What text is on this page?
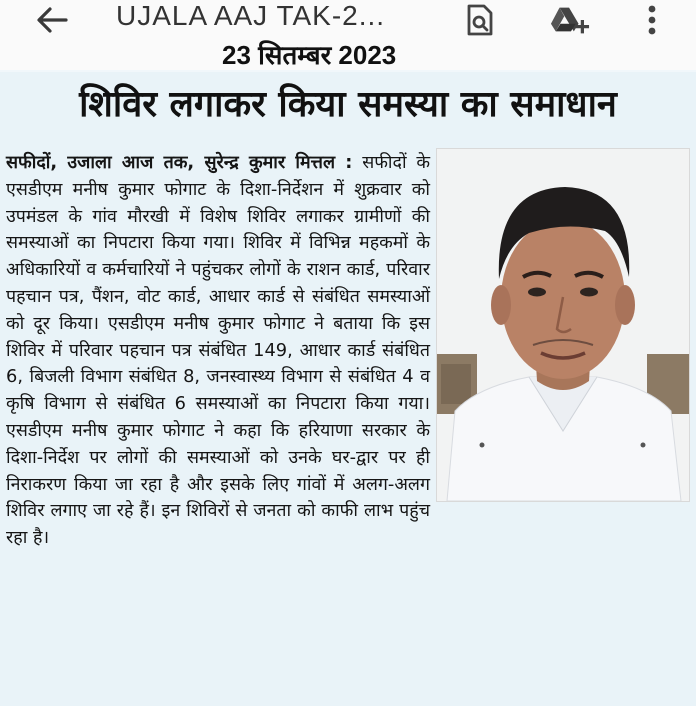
UJALA AAJ TAK-2...
23 सितम्बर 2023
शिविर लगाकर किया समस्या का समाधान

सफीदों, उजाला आज तक, सुरेन्द्र कुमार मित्तल : सफीदों के एसडीएम मनीष कुमार फोगाट के दिशा-निर्देशन में शुक्रवार को उपमंडल के गांव मौरखी में विशेष शिविर लगाकर ग्रामीणों की समस्याओं का निपटारा किया गया। शिविर में विभिन्न महकमों के अधिकारियों व कर्मचारियों ने पहुंचकर लोगों के राशन कार्ड, परिवार पहचान पत्र, पैंशन, वोट कार्ड, आधार कार्ड से संबंधित समस्याओं को दूर किया। एसडीएम मनीष कुमार फोगाट ने बताया कि इस शिविर में परिवार पहचान पत्र संबंधित 149, आधार कार्ड संबंधित 6, बिजली विभाग संबंधित 8, जनस्वास्थ्य विभाग से संबंधित 4 व कृषि विभाग से संबंधित 6 समस्याओं का निपटारा किया गया। एसडीएम मनीष कुमार फोगाट ने कहा कि हरियाणा सरकार के दिशा-निर्देश पर लोगों की समस्याओं को उनके घर-द्वार पर ही निराकरण किया जा रहा है और इसके लिए गांवों में अलग-अलग शिविर लगाए जा रहे हैं। इन शिविरों से जनता को काफी लाभ पहुंच रहा है।
